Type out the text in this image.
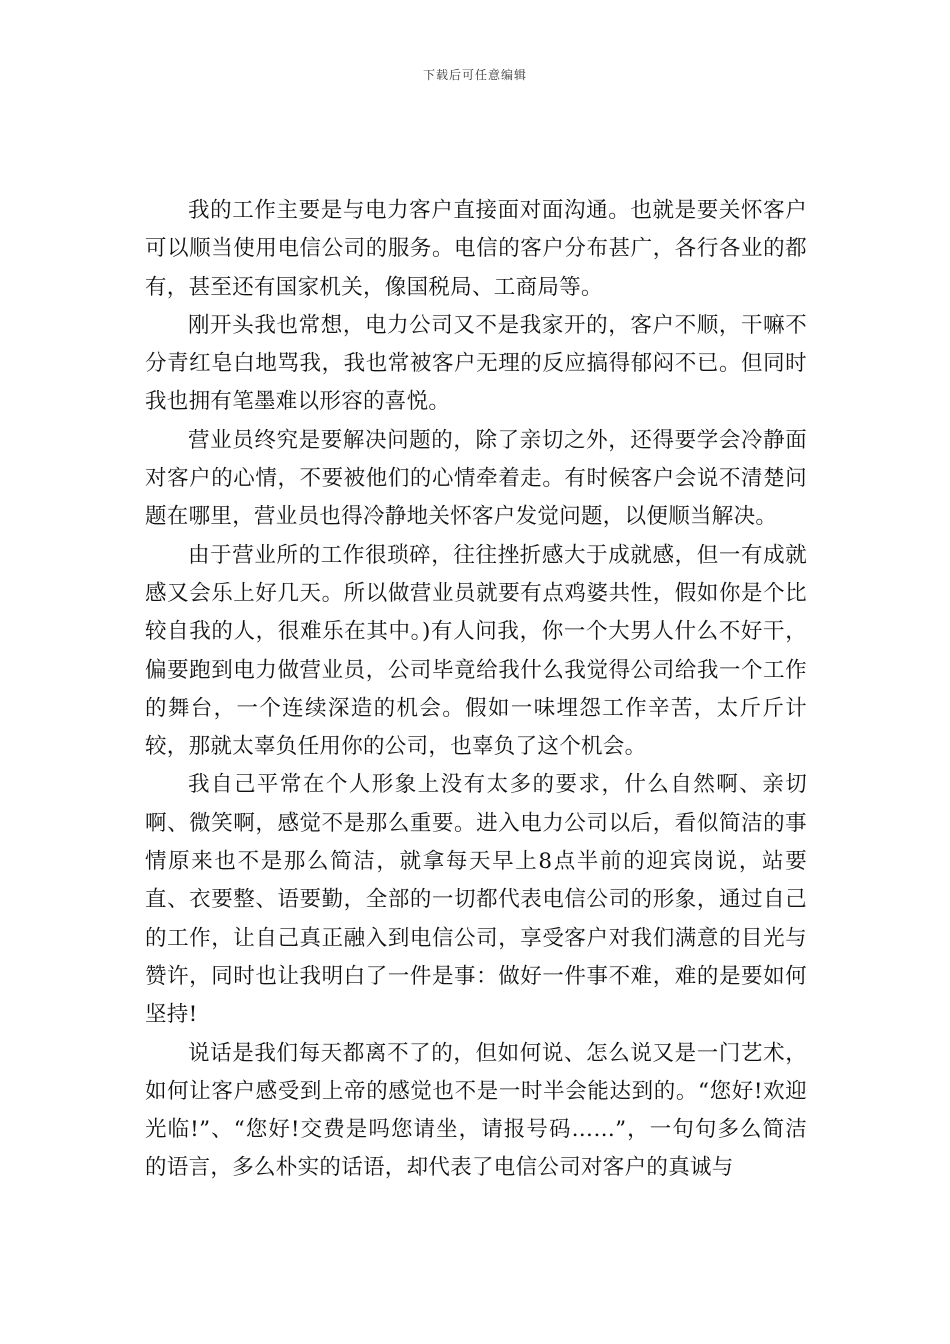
下载后可任意编辑

我的工作主要是与电力客户直接面对面沟通。也就是要关怀客户可以顺当使用电信公司的服务。电信的客户分布甚广，各行各业的都有，甚至还有国家机关，像国税局、工商局等。

刚开头我也常想，电力公司又不是我家开的，客户不顺，干嘛不分青红皂白地骂我，我也常被客户无理的反应搞得郁闷不已。但同时我也拥有笔墨难以形容的喜悦。

营业员终究是要解决问题的，除了亲切之外，还得要学会冷静面对客户的心情，不要被他们的心情牵着走。有时候客户会说不清楚问题在哪里，营业员也得冷静地关怀客户发觉问题，以便顺当解决。

由于营业所的工作很琐碎，往往挫折感大于成就感，但一有成就感又会乐上好几天。所以做营业员就要有点鸡婆共性，假如你是个比较自我的人，很难乐在其中。)有人问我，你一个大男人什么不好干，偏要跑到电力做营业员，公司毕竟给我什么我觉得公司给我一个工作的舞台，一个连续深造的机会。假如一味埋怨工作辛苦，太斤斤计较，那就太辜负任用你的公司，也辜负了这个机会。

我自己平常在个人形象上没有太多的要求，什么自然啊、亲切啊、微笑啊，感觉不是那么重要。进入电力公司以后，看似简洁的事情原来也不是那么简洁，就拿每天早上8点半前的迎宾岗说，站要直、衣要整、语要勤，全部的一切都代表电信公司的形象，通过自己的工作，让自己真正融入到电信公司，享受客户对我们满意的目光与赞许，同时也让我明白了一件是事：做好一件事不难，难的是要如何坚持!

说话是我们每天都离不了的，但如何说、怎么说又是一门艺术，如何让客户感受到上帝的感觉也不是一时半会能达到的。“您好!欢迎光临!”、“您好!交费是吗您请坐，请报号码……”，一句句多么简洁的语言，多么朴实的话语，却代表了电信公司对客户的真诚与
